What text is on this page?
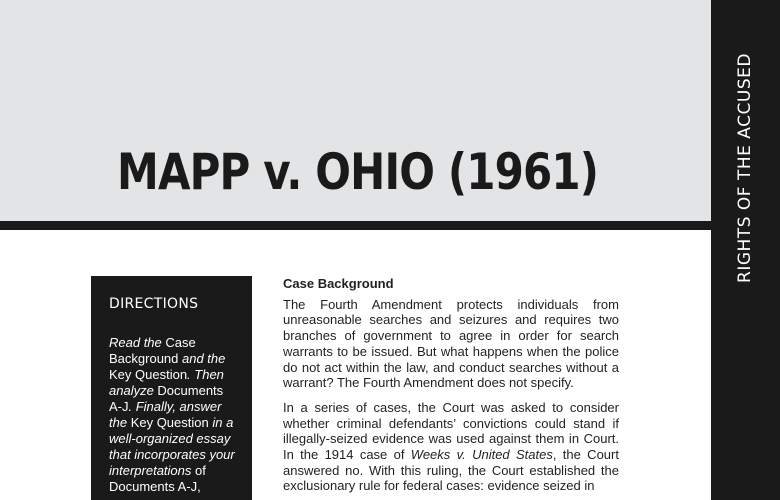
MAPP v. OHIO (1961)	RIGHTS OF THE ACCUSED
DIRECTIONS

Read the Case Background and the Key Question. Then analyze Documents A-J. Finally, answer the Key Question in a well-organized essay that incorporates your interpretations of Documents A-J,

Case Background

The Fourth Amendment protects individuals from unreasonable searches and seizures and requires two branches of government to agree in order for search warrants to be issued. But what happens when the police do not act within the law, and conduct searches without a warrant? The Fourth Amendment does not specify.

In a series of cases, the Court was asked to consider whether criminal defendants’ convictions could stand if illegally-seized evidence was used against them in Court. In the 1914 case of Weeks v. United States, the Court answered no. With this ruling, the Court established the exclusionary rule for federal cases: evidence seized in
